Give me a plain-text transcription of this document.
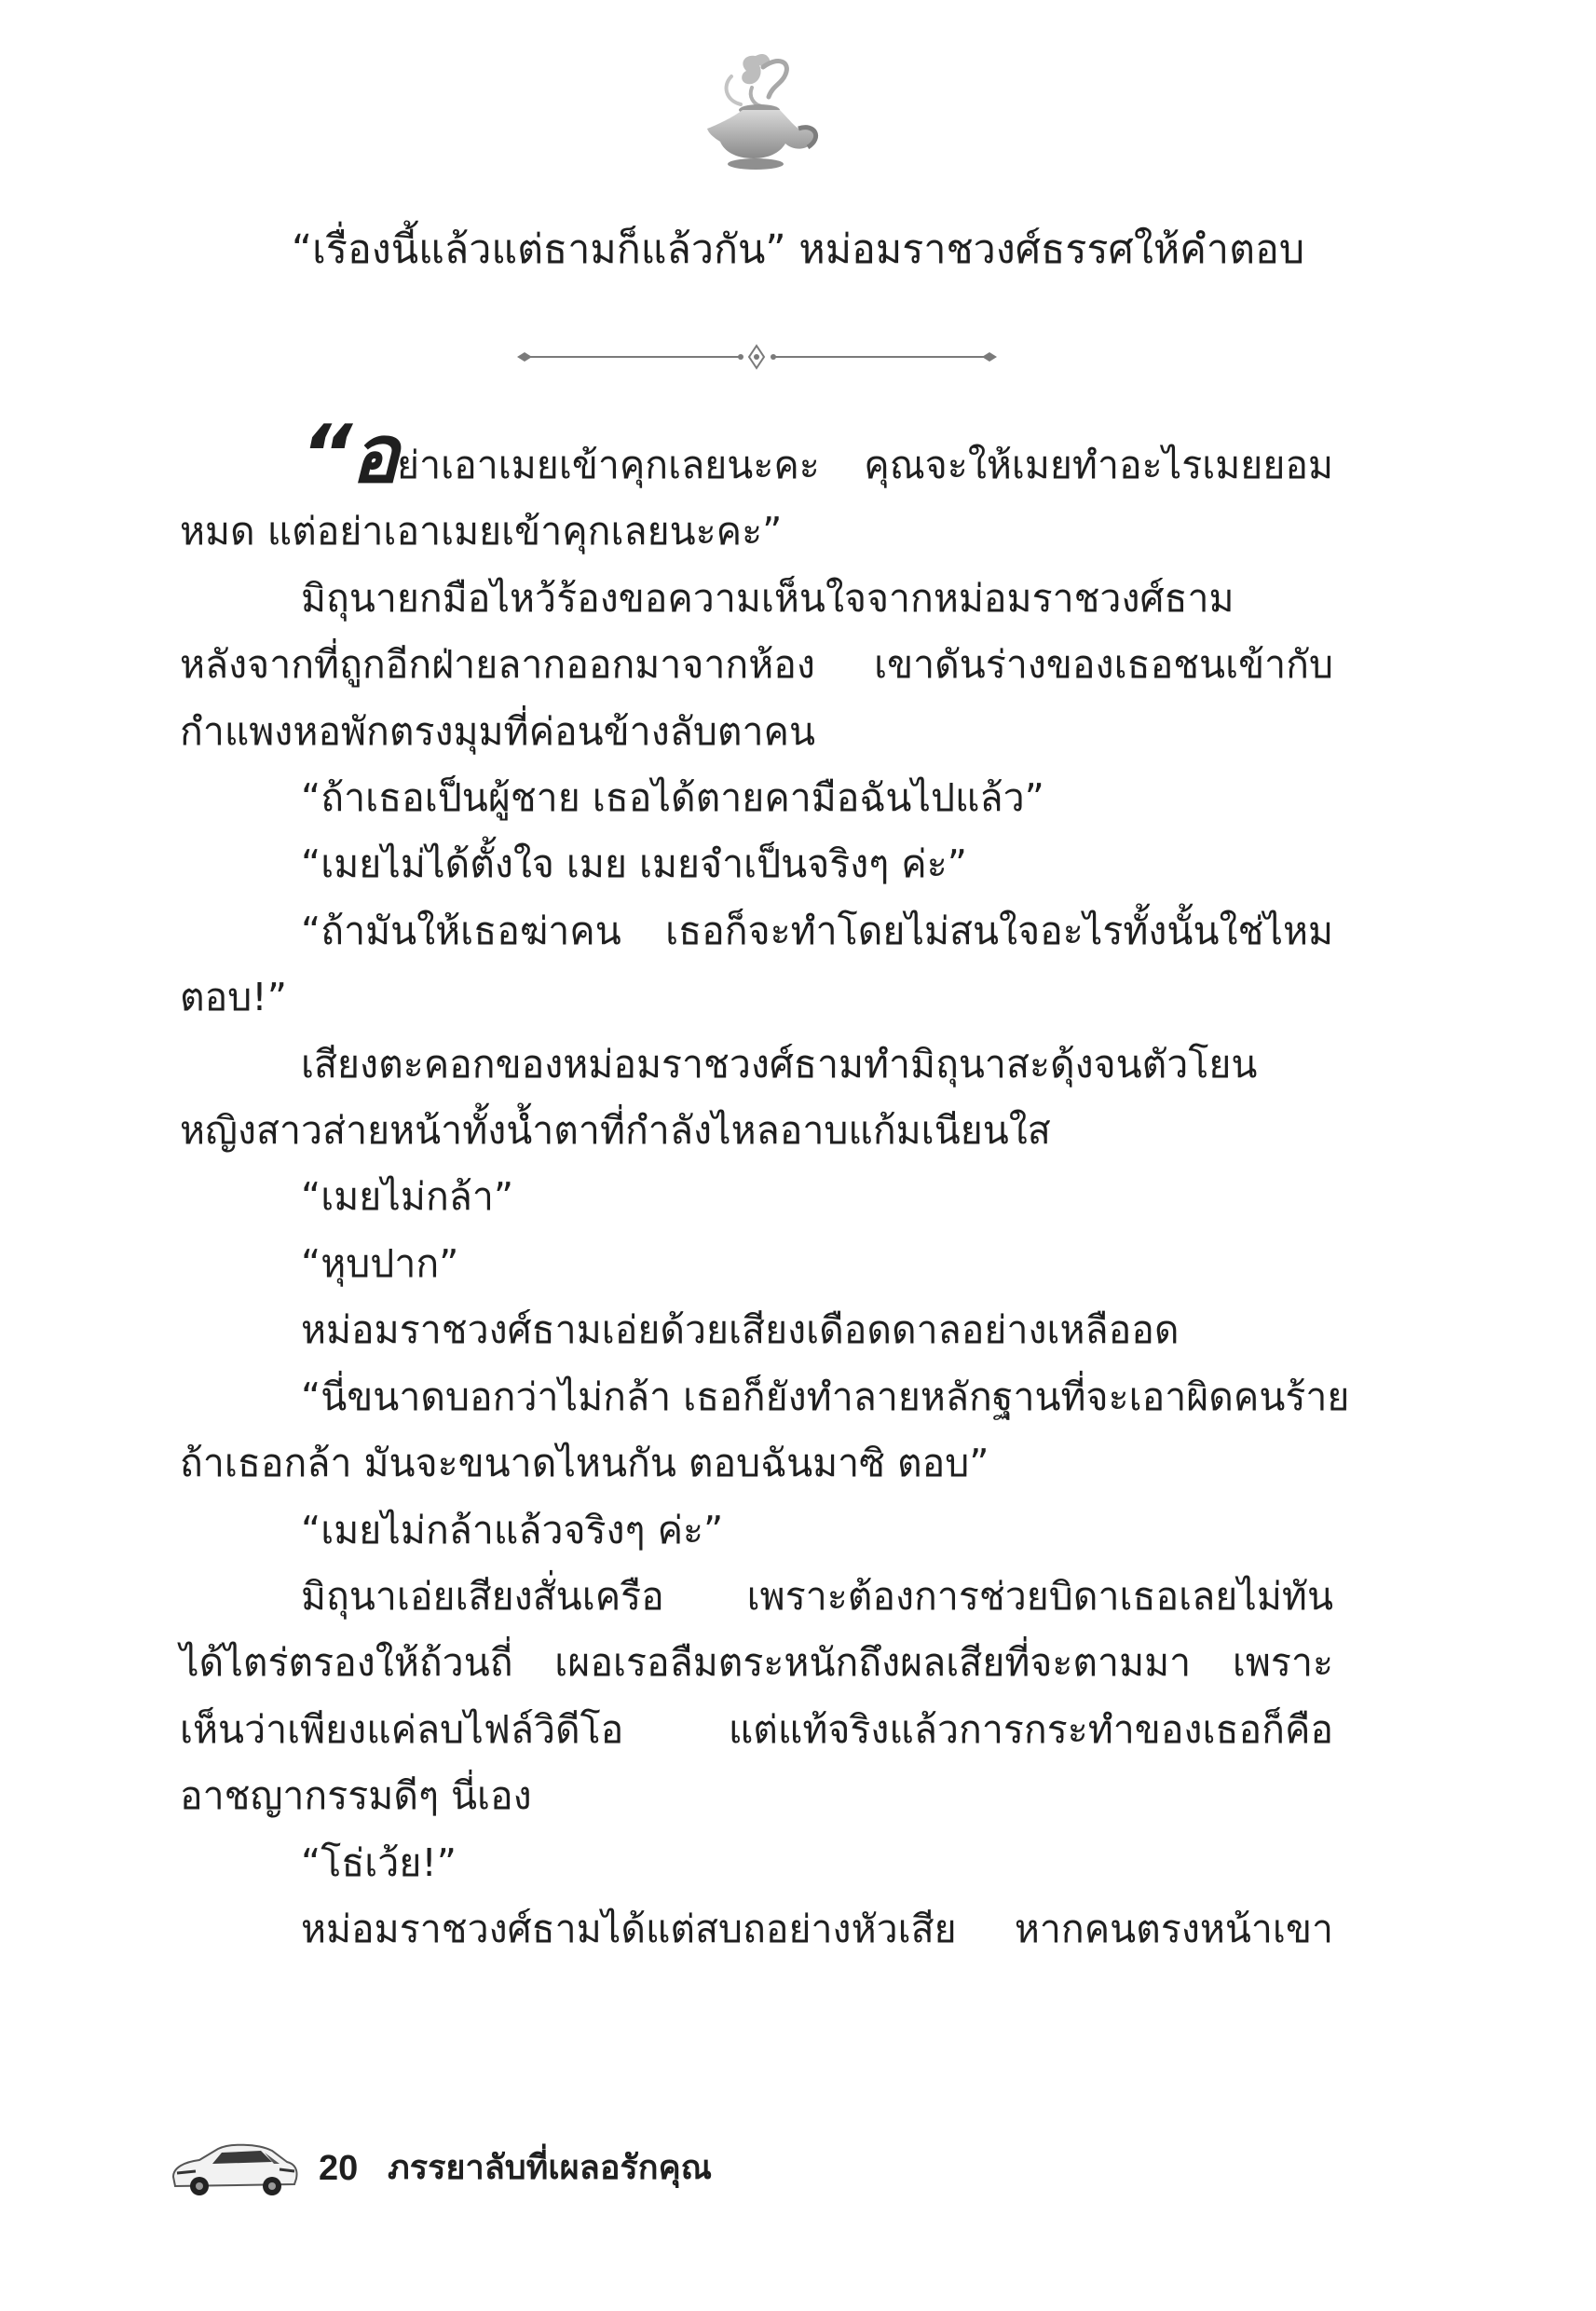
“เรื่องนี้แล้วแต่ธามก็แล้วกัน” หม่อมราชวงศ์ธรรศให้คำตอบ

“อย่าเอาเมยเข้าคุกเลยนะคะ คุณจะให้เมยทำอะไรเมยยอม

หมด แต่อย่าเอาเมยเข้าคุกเลยนะคะ”

มิถุนายกมือไหว้ร้องขอความเห็นใจจากหม่อมราชวงศ์ธาม

หลังจากที่ถูกอีกฝ่ายลากออกมาจากห้อง เขาดันร่างของเธอชนเข้ากับ

กำแพงหอพักตรงมุมที่ค่อนข้างลับตาคน

“ถ้าเธอเป็นผู้ชาย เธอได้ตายคามือฉันไปแล้ว”

“เมยไม่ได้ตั้งใจ เมย เมยจำเป็นจริงๆ ค่ะ”

“ถ้ามันให้เธอฆ่าคน เธอก็จะทำโดยไม่สนใจอะไรทั้งนั้นใช่ไหม

ตอบ!”

เสียงตะคอกของหม่อมราชวงศ์ธามทำมิถุนาสะดุ้งจนตัวโยน

หญิงสาวส่ายหน้าทั้งน้ำตาที่กำลังไหลอาบแก้มเนียนใส

“เมยไม่กล้า”

“หุบปาก”

หม่อมราชวงศ์ธามเอ่ยด้วยเสียงเดือดดาลอย่างเหลืออด

“นี่ขนาดบอกว่าไม่กล้า เธอก็ยังทำลายหลักฐานที่จะเอาผิดคนร้าย

ถ้าเธอกล้า มันจะขนาดไหนกัน ตอบฉันมาซิ ตอบ”

“เมยไม่กล้าแล้วจริงๆ ค่ะ”

มิถุนาเอ่ยเสียงสั่นเครือ เพราะต้องการช่วยบิดาเธอเลยไม่ทัน

ได้ไตร่ตรองให้ถ้วนถี่ เผอเรอลืมตระหนักถึงผลเสียที่จะตามมา เพราะ

เห็นว่าเพียงแค่ลบไฟล์วิดีโอ แต่แท้จริงแล้วการกระทำของเธอก็คือ

อาชญากรรมดีๆ นี่เอง

“โธ่เว้ย!”

หม่อมราชวงศ์ธามได้แต่สบถอย่างหัวเสีย หากคนตรงหน้าเขา

20 ภรรยาลับที่เผลอรักคุณ
